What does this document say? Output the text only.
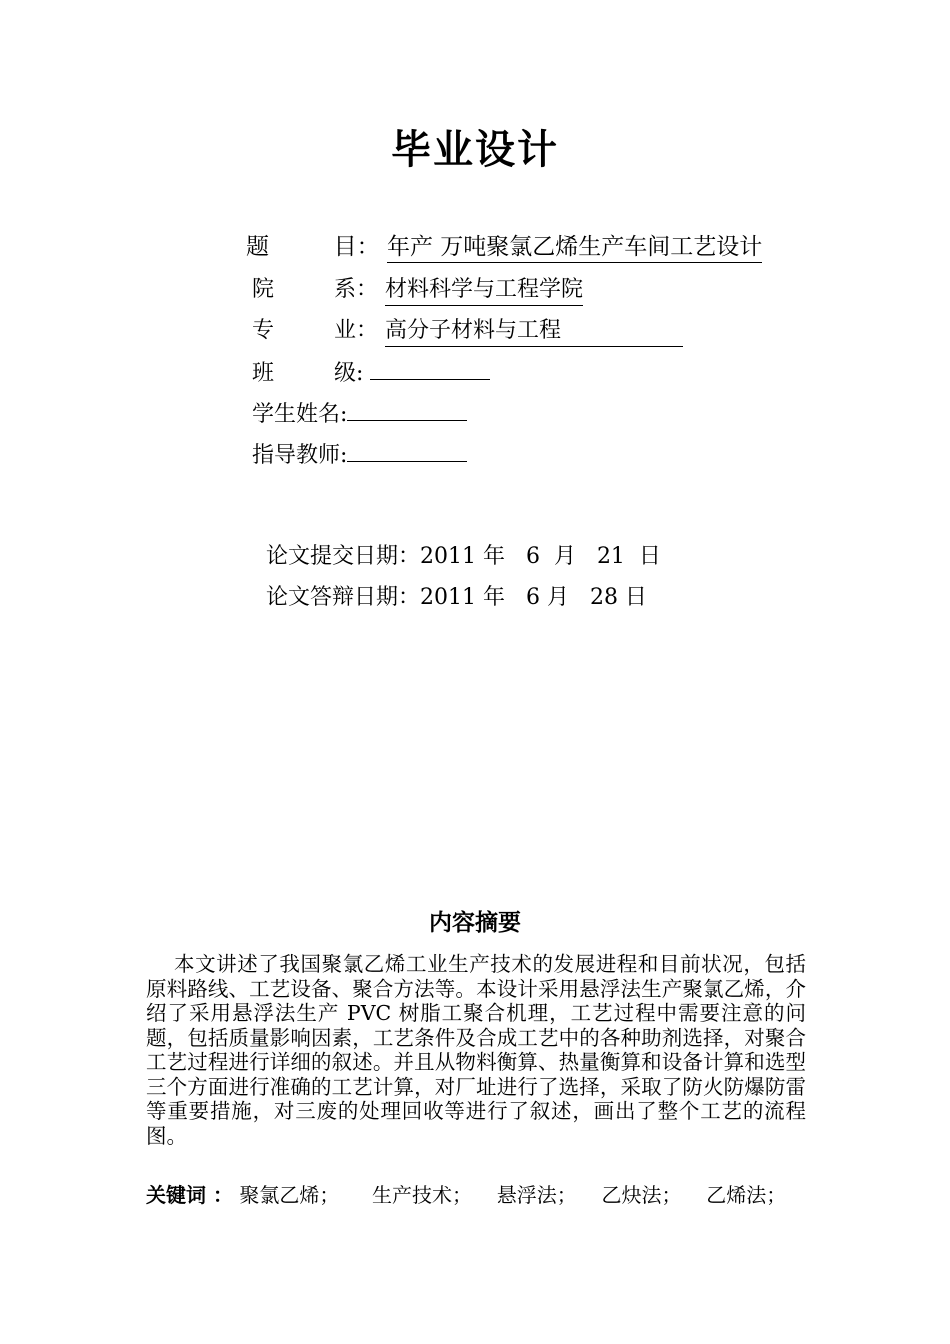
毕业设计
题	目： 年产 万吨聚氯乙烯生产车间工艺设计
院	系： 材料科学与工程学院
专	业： 高分子材料与工程
班	级:
学生姓名:
指导教师:

论文提交日期：2011 年   6  月   21  日

论文答辩日期：2011 年   6 月   28 日

内容摘要
本文讲述了我国聚氯乙烯工业生产技术的发展进程和目前状况，包括原料路线、工艺设备、聚合方法等。本设计采用悬浮法生产聚氯乙烯，介绍了采用悬浮法生产 PVC 树脂工聚合机理，工艺过程中需要注意的问题，包括质量影响因素，工艺条件及合成工艺中的各种助剂选择，对聚合工艺过程进行详细的叙述。并且从物料衡算、热量衡算和设备计算和选型三个方面进行准确的工艺计算，对厂址进行了选择，采取了防火防爆防雷等重要措施，对三废的处理回收等进行了叙述，画出了整个工艺的流程图。
关键词 ： 聚氯乙烯； 生产技术； 悬浮法； 乙炔法； 乙烯法；
